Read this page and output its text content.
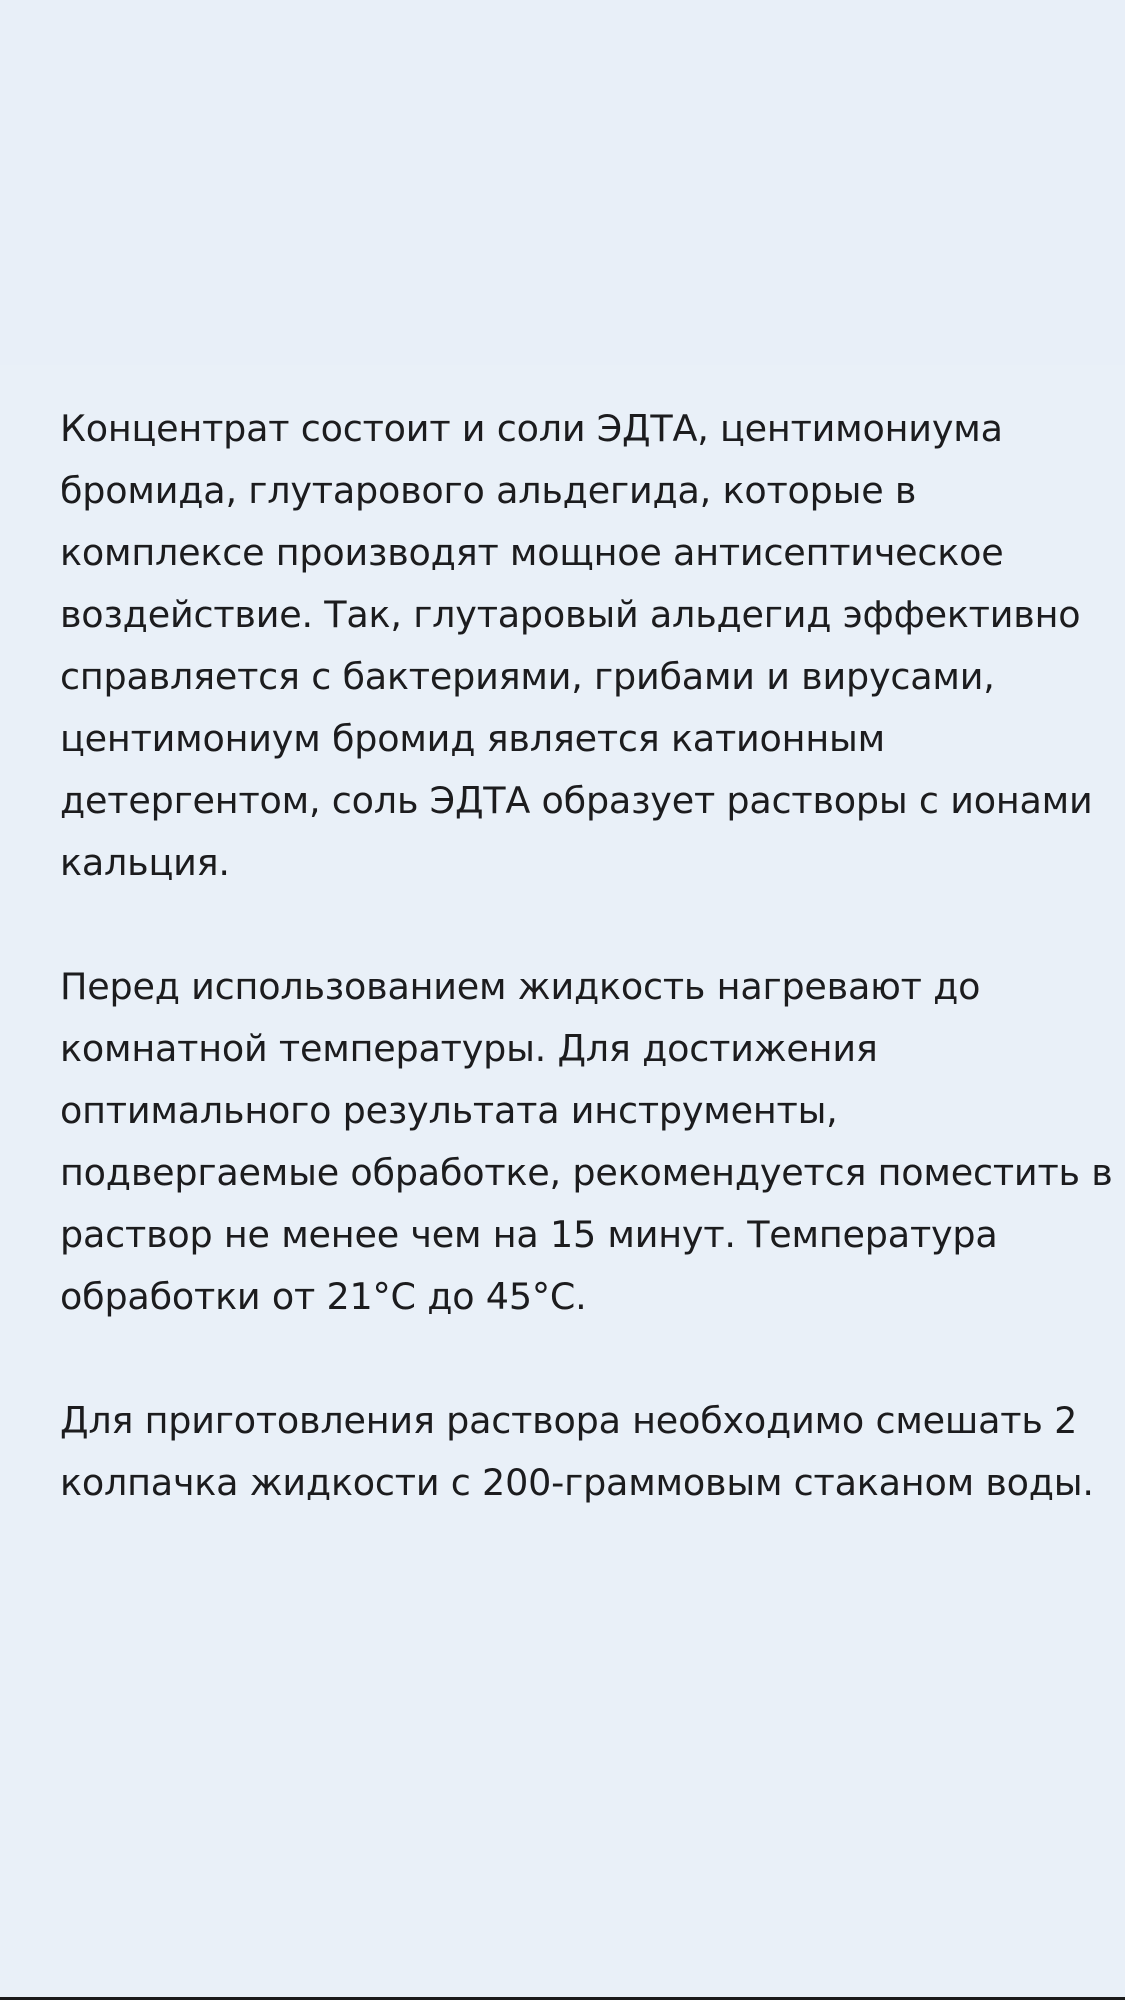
Концентрат состоит и соли ЭДТА, центимониума
бромида, глутарового альдегида, которые в
комплексе производят мощное антисептическое
воздействие. Так, глутаровый альдегид эффективно
справляется с бактериями, грибами и вирусами,
центимониум бромид является катионным
детергентом, соль ЭДТА образует растворы с ионами
кальция.

Перед использованием жидкость нагревают до
комнатной температуры. Для достижения
оптимального результата инструменты,
подвергаемые обработке, рекомендуется поместить в
раствор не менее чем на 15 минут. Температура
обработки от 21°С до 45°С.

Для приготовления раствора необходимо смешать 2
колпачка жидкости с 200-граммовым стаканом воды.
